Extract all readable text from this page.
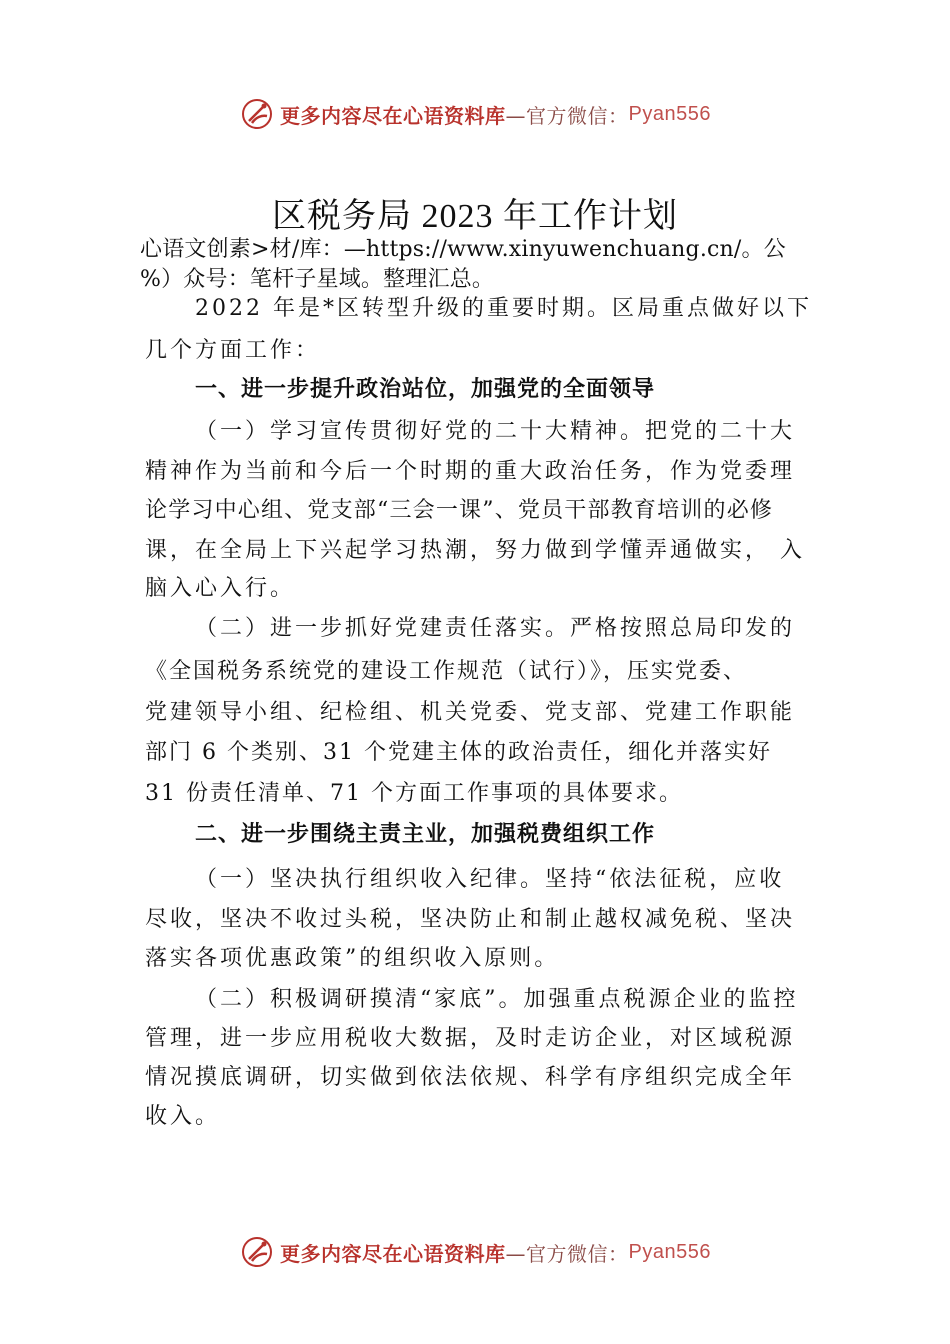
更多内容尽在心语资料库 —官方微信： Pyan556
区税务局 2023 年工作计划
心语文创素>材/库：—https://www.xinyuwenchuang.cn/。公
%）众号：笔杆子星域。整理汇总。
2022 年是*区转型升级的重要时期。区局重点做好以下
几个方面工作：
一、进一步提升政治站位，加强党的全面领导
（一）学习宣传贯彻好党的二十大精神。把党的二十大
精神作为当前和今后一个时期的重大政治任务，作为党委理
论学习中心组、党支部“三会一课”、党员干部教育培训的必修
课，在全局上下兴起学习热潮，努力做到学懂弄通做实， 入
脑入心入行。
（二）进一步抓好党建责任落实。严格按照总局印发的
《全国税务系统党的建设工作规范（试行）》，压实党委、
党建领导小组、纪检组、机关党委、党支部、党建工作职能
部门 6 个类别、31 个党建主体的政治责任，细化并落实好
31 份责任清单、71 个方面工作事项的具体要求。
二、进一步围绕主责主业，加强税费组织工作
（一）坚决执行组织收入纪律。坚持“依法征税，应收
尽收，坚决不收过头税，坚决防止和制止越权减免税、坚决
落实各项优惠政策”的组织收入原则。
（二）积极调研摸清“家底”。加强重点税源企业的监控
管理，进一步应用税收大数据，及时走访企业，对区域税源
情况摸底调研，切实做到依法依规、科学有序组织完成全年
收入。
更多内容尽在心语资料库 —官方微信： Pyan556
